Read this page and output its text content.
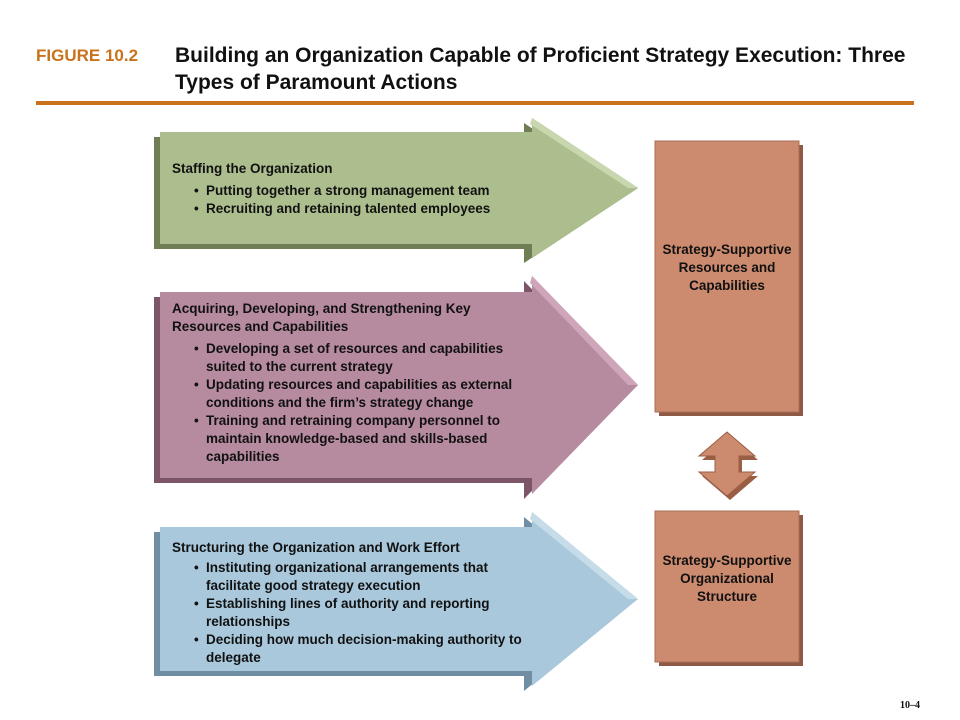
FIGURE 10.2 Building an Organization Capable of Proficient Strategy Execution: Three Types of Paramount Actions
Staffing the Organization
• Putting together a strong management team
• Recruiting and retaining talented employees
Acquiring, Developing, and Strengthening Key Resources and Capabilities
• Developing a set of resources and capabilities suited to the current strategy
• Updating resources and capabilities as external conditions and the firm’s strategy change
• Training and retraining company personnel to maintain knowledge-based and skills-based capabilities
Structuring the Organization and Work Effort
• Instituting organizational arrangements that facilitate good strategy execution
• Establishing lines of authority and reporting relationships
• Deciding how much decision-making authority to delegate
Strategy-Supportive Resources and Capabilities
Strategy-Supportive Organizational Structure
10–4
